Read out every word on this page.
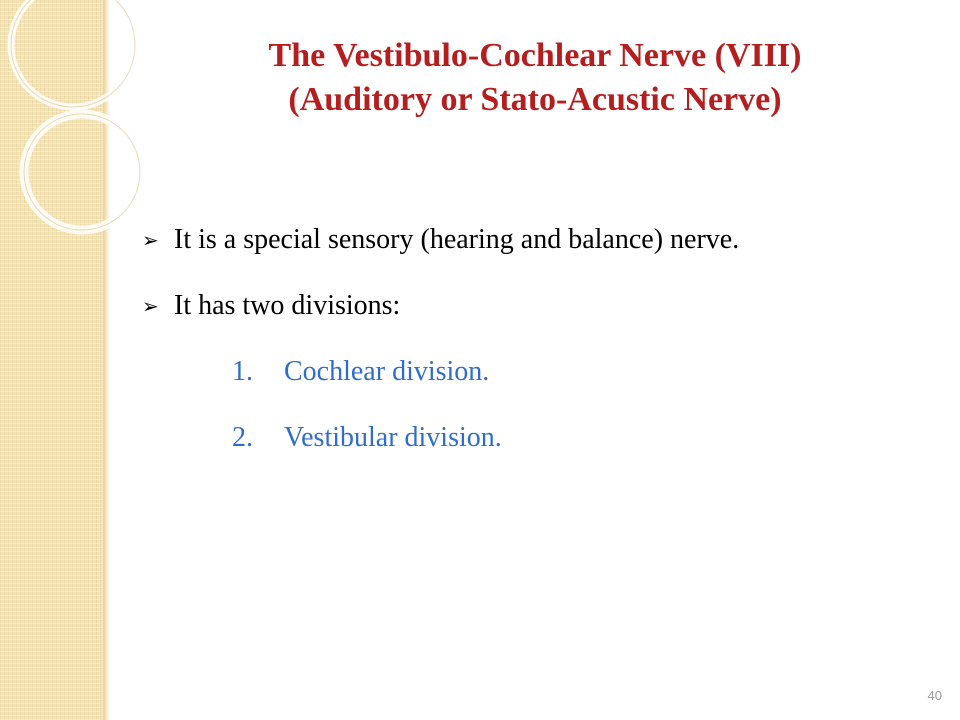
The Vestibulo-Cochlear Nerve (VIII)
(Auditory or Stato-Acustic Nerve)
➢ It is a special sensory (hearing and balance) nerve.
➢ It has two divisions:
1. Cochlear division.
2. Vestibular division.
40
